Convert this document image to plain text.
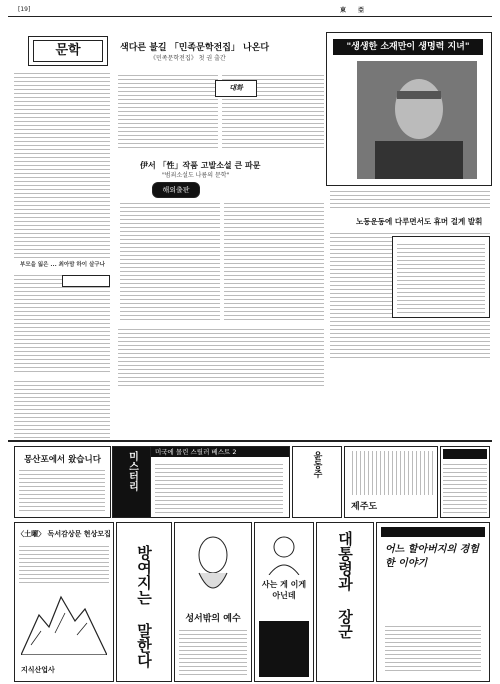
[19]	東亞
문학	색다른 불길 「민족문학전집」 나온다
《민족문학전집》 첫 권 출간
대화
"생생한 소재만이 생명력 지녀"
伊서 「性」작품 고발소설 큰 파문
"범죄소설도 나름의 문학"
해외출판
부모을 잃은 ... 최아맘 하이 살구나
노동운동에 다루면서도 휴머 걸게 발휘
몽산포에서 왔습니다	미스터리	미국에 몰린 스릴러 베스트 2	윤동주
제주도
〈土曜〉 독서감상문 현상모집
지식산업사
방여지는 말한다	성서밖의 예수
사는 게 이게 아닌데	대통령과 장군	어느 할아버지의 경험한 이야기
